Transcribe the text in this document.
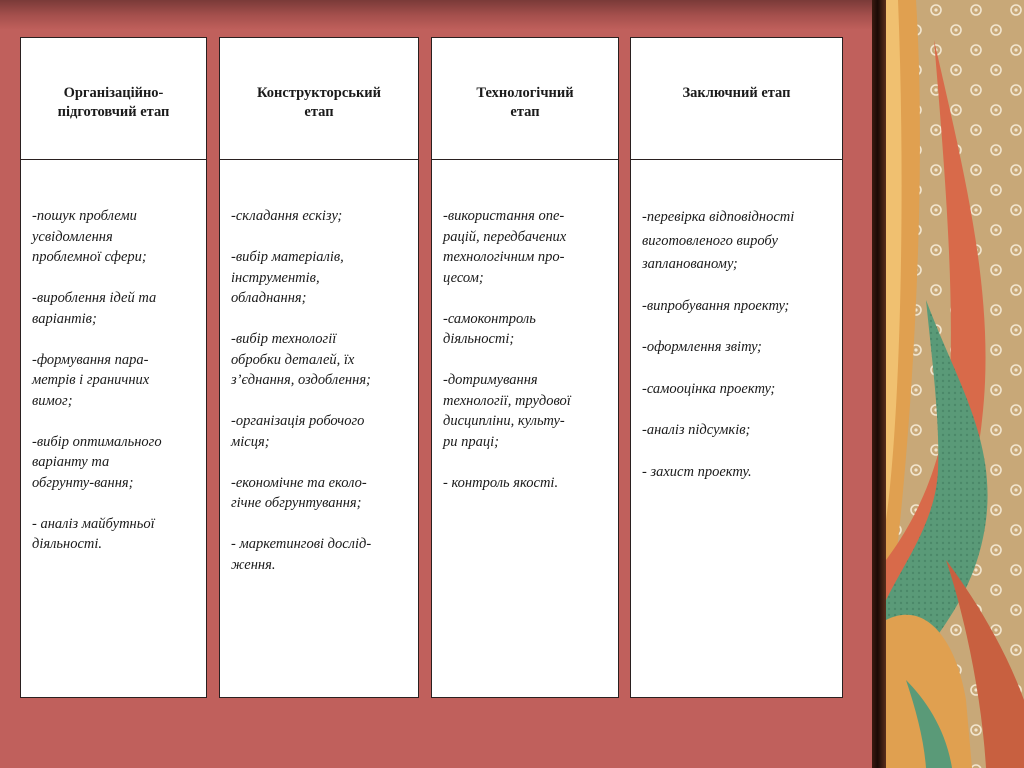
Організаційно-
підготовчий етап

-пошук проблеми
усвідомлення
проблемної сфери;

-вироблення ідей та
варіантів;

-формування пара-
метрів і граничних
вимог;

-вибір оптимального
варіанту та
обгрунту-вання;

- аналіз майбутньої
діяльності.

Конструкторський
етап

-складання ескізу;

-вибір матеріалів,
інструментів,
обладнання;

-вибір технології
обробки деталей, їх
з’єднання, оздоблення;

-організація робочого
місця;

-економічне та еколо-
гічне обгрунтування;

- маркетингові дослід-
ження.

Технологічний
етап

-використання опе-
рацій, передбачених
технологічним про-
цесом;

-самоконтроль
діяльності;

-дотримування
технології, трудової
дисципліни, культу-
ри праці;

- контроль якості.

Заключний етап

-перевірка відповідності
виготовленого виробу
запланованому;

-випробування проекту;

-оформлення звіту;

-самооцінка проекту;

-аналіз підсумків;

- захист проекту.
